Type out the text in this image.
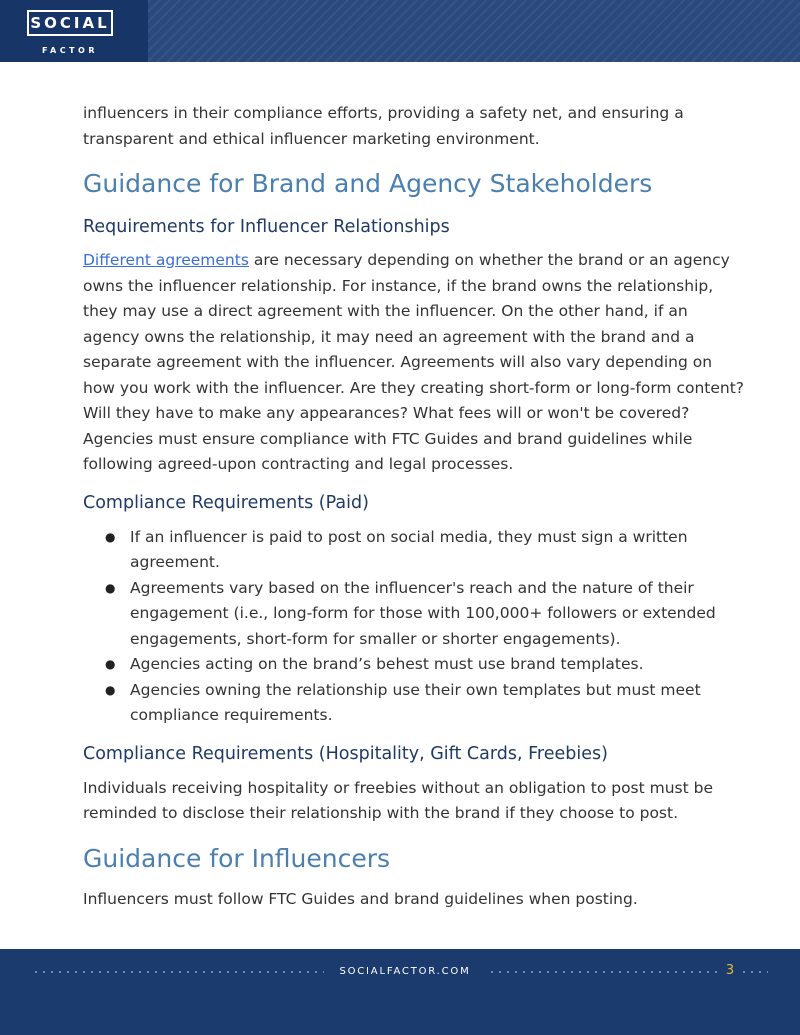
SOCIAL
FACTOR

influencers in their compliance efforts, providing a safety net, and ensuring a transparent and ethical influencer marketing environment.

Guidance for Brand and Agency Stakeholders
Requirements for Influencer Relationships

Different agreements are necessary depending on whether the brand or an agency owns the influencer relationship. For instance, if the brand owns the relationship, they may use a direct agreement with the influencer. On the other hand, if an agency owns the relationship, it may need an agreement with the brand and a separate agreement with the influencer. Agreements will also vary depending on how you work with the influencer. Are they creating short-form or long-form content? Will they have to make any appearances? What fees will or won't be covered? Agencies must ensure compliance with FTC Guides and brand guidelines while following agreed-upon contracting and legal processes.

Compliance Requirements (Paid)
● If an influencer is paid to post on social media, they must sign a written agreement.
● Agreements vary based on the influencer's reach and the nature of their engagement (i.e., long-form for those with 100,000+ followers or extended engagements, short-form for smaller or shorter engagements).
● Agencies acting on the brand’s behest must use brand templates.
● Agencies owning the relationship use their own templates but must meet compliance requirements.
Compliance Requirements (Hospitality, Gift Cards, Freebies)

Individuals receiving hospitality or freebies without an obligation to post must be reminded to disclose their relationship with the brand if they choose to post.

Guidance for Influencers

Influencers must follow FTC Guides and brand guidelines when posting.

SOCIALFACTOR.COM	3
